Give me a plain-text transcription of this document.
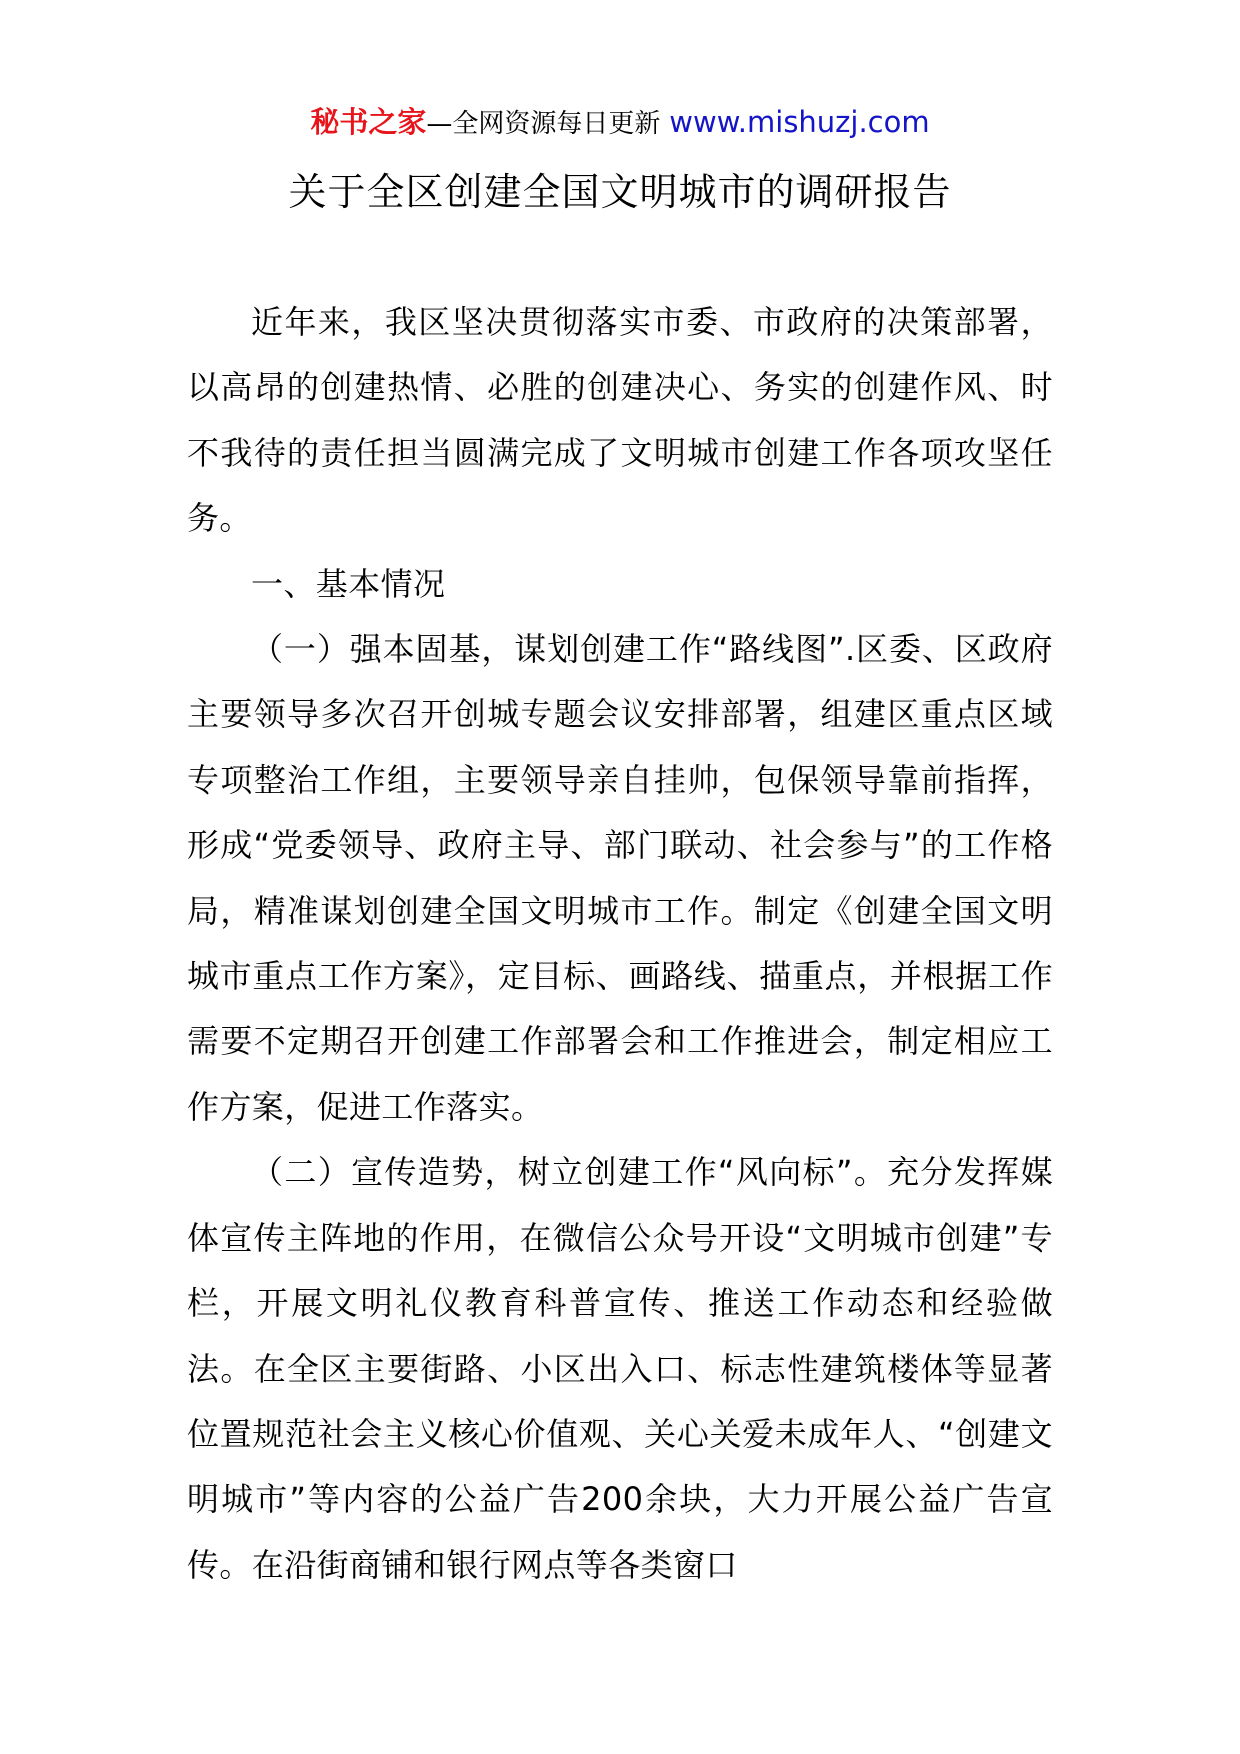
秘书之家—全网资源每日更新 www.mishuzj.com
关于全区创建全国文明城市的调研报告

近年来，我区坚决贯彻落实市委、市政府的决策部署，以高昂的创建热情、必胜的创建决心、务实的创建作风、时不我待的责任担当圆满完成了文明城市创建工作各项攻坚任务。

一、基本情况

（一）强本固基，谋划创建工作“路线图”.区委、区政府主要领导多次召开创城专题会议安排部署，组建区重点区域专项整治工作组，主要领导亲自挂帅，包保领导靠前指挥，形成“党委领导、政府主导、部门联动、社会参与”的工作格局，精准谋划创建全国文明城市工作。制定《创建全国文明城市重点工作方案》，定目标、画路线、描重点，并根据工作需要不定期召开创建工作部署会和工作推进会，制定相应工作方案，促进工作落实。

（二）宣传造势，树立创建工作“风向标”。充分发挥媒体宣传主阵地的作用，在微信公众号开设“文明城市创建”专栏，开展文明礼仪教育科普宣传、推送工作动态和经验做法。在全区主要街路、小区出入口、标志性建筑楼体等显著位置规范社会主义核心价值观、关心关爱未成年人、“创建文明城市”等内容的公益广告200余块，大力开展公益广告宣传。在沿街商铺和银行网点等各类窗口
